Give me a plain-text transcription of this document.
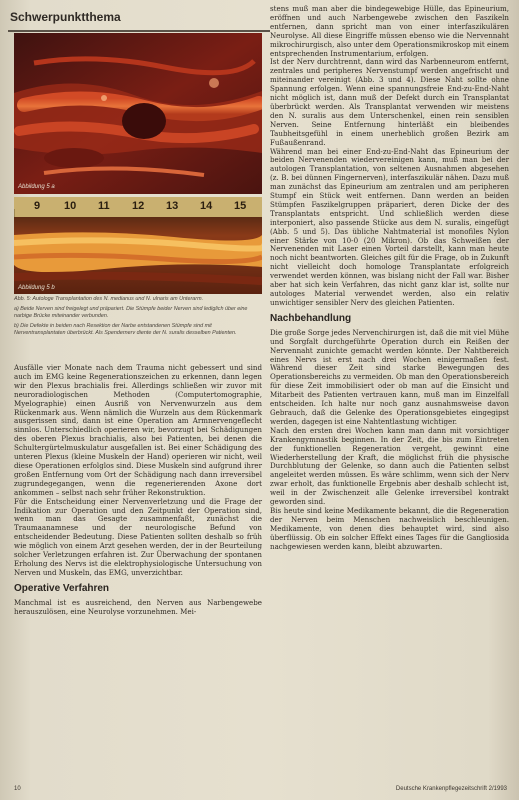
Schwerpunktthema
Abbildung 5 a
9 10 11 12 13 14 15
Abbildung 5 b

Abb. 5: Autologe Transplantation des N. medianus und N. ulnaris am Unterarm.

a) Beide Nerven sind freigelegt und präpariert. Die Stümpfe beider Nerven sind lediglich über eine narbige Brücke miteinander verbunden.

b) Die Defekte in beiden nach Resektion der Narbe entstandenen Stümpfe sind mit Nerventransplantaten überbrückt. Als Spendernerv diente der N. suralis desselben Patienten.

Ausfälle vier Monate nach dem Trauma nicht gebessert und sind auch im EMG keine Regenerationszeichen zu erkennen, dann legen wir den Plexus brachialis frei. Allerdings schließen wir zuvor mit neuroradiologischen Methoden (Computertomographie, Myelographie) einen Ausriß von Nervenwurzeln aus dem Rückenmark aus. Wenn nämlich die Wurzeln aus dem Rückenmark ausgerissen sind, dann ist eine Operation am Armnervengeflecht sinnlos. Unterschiedlich operieren wir, bevorzugt bei Schädigungen des oberen Plexus brachialis, also bei Patienten, bei denen die Schultergürtelmuskulatur ausgefallen ist. Bei einer Schädigung des unteren Plexus (kleine Muskeln der Hand) operieren wir nicht, weil diese Operationen erfolglos sind. Diese Muskeln sind aufgrund ihrer großen Entfernung vom Ort der Schädigung nach dann irreversibel zugrundegegangen, wenn die regenerierenden Axone dort ankommen – selbst nach sehr früher Rekonstruktion.

Für die Entscheidung einer Nervenverletzung und die Frage der Indikation zur Operation und den Zeitpunkt der Operation sind, wenn man das Gesagte zusammenfaßt, zunächst die Traumaanamnese und der neurologische Befund von entscheidender Bedeutung. Diese Patienten sollten deshalb so früh wie möglich von einem Arzt gesehen werden, der in der Beurteilung solcher Verletzungen erfahren ist. Zur Überwachung der spontanen Erholung des Nervs ist die elektrophysiologische Untersuchung von Nerven und Muskeln, das EMG, unverzichtbar.

Operative Verfahren

Manchmal ist es ausreichend, den Nerven aus Narbengewebe herauszulösen, eine Neurolyse vorzunehmen. Mei-

stens muß man aber die bindegewebige Hülle, das Epineurium, eröffnen und auch Narbengewebe zwischen den Faszikeln entfernen, dann spricht man von einer interfaszikulären Neurolyse. All diese Eingriffe müssen ebenso wie die Nervennaht mikrochirurgisch, also unter dem Operationsmikroskop mit einem entsprechenden Instrumentarium, erfolgen.

Ist der Nerv durchtrennt, dann wird das Narbenneurom entfernt, zentrales und peripheres Nervenstumpf werden angefrischt und miteinander vereinigt (Abb. 3 und 4). Diese Naht sollte ohne Spannung erfolgen. Wenn eine spannungsfreie End-zu-End-Naht nicht möglich ist, dann muß der Defekt durch ein Transplantat überbrückt werden. Als Transplantat verwenden wir meistens den N. suralis aus dem Unterschenkel, einen rein sensiblen Nerven. Seine Entfernung hinterläßt ein bleibendes Taubheitsgefühl in einem unerheblich großen Bezirk am Fußaußenrand.

Während man bei einer End-zu-End-Naht das Epineurium der beiden Nervenenden wiedervereinigen kann, muß man bei der autologen Transplantation, von seltenen Ausnahmen abgesehen (z. B. bei dünnen Fingernerven), interfaszikulär nähen. Dazu muß man zunächst das Epineurium am zentralen und am peripheren Stumpf ein Stück weit entfernen. Dann werden an beiden Stümpfen Faszikelgruppen präpariert, deren Dicke der des Transplantats entspricht. Und schließlich werden diese interponiert, also passende Stücke aus dem N. suralis, eingefügt (Abb. 5 und 5). Das übliche Nahtmaterial ist monofiles Nylon einer Stärke von 10-0 (20 Mikron). Ob das Schweißen der Nervenenden mit Laser einen Vorteil darstellt, kann man heute noch nicht beantworten. Gleiches gilt für die Frage, ob in Zukunft nicht vielleicht doch homologe Transplantate erfolgreich verwendet werden können, was bislang nicht der Fall war. Bisher aber hat sich kein Verfahren, das nicht ganz klar ist, sollte nur autologes Material verwendet werden, also ein relativ unwichtiger sensibler Nerv des gleichen Patienten.

Nachbehandlung

Die große Sorge jedes Nervenchirurgen ist, daß die mit viel Mühe und Sorgfalt durchgeführte Operation durch ein Reißen der Nervennaht zunichte gemacht werden könnte. Der Nahtbereich eines Nervs ist erst nach drei Wochen einigermaßen fest. Während dieser Zeit sind starke Bewegungen des Operationsbereichs zu vermeiden. Ob man den Operationsbereich für diese Zeit immobilisiert oder ob man auf die Einsicht und Mitarbeit des Patienten vertrauen kann, muß man im Einzelfall entscheiden. Ich halte nur noch ganz ausnahmsweise davon Gebrauch, daß die Gelenke des Operationsgebietes eingegipst werden, dagegen ist eine Nahtentlastung wichtiger.

Nach den ersten drei Wochen kann man dann mit vorsichtiger Krankengymnastik beginnen. In der Zeit, die bis zum Eintreten der funktionellen Regeneration vergeht, gewinnt eine Wiederherstellung der Kraft, die möglichst früh die physische Durchblutung der Gelenke, so dann auch die Patienten selbst angeleitet werden müssen. Es wäre schlimm, wenn sich der Nerv zwar erholt, das funktionelle Ergebnis aber deshalb schlecht ist, weil in der Zwischenzeit alle Gelenke irreversibel kontrakt geworden sind.

Bis heute sind keine Medikamente bekannt, die die Regeneration der Nerven beim Menschen nachweislich beschleunigen. Medikamente, von denen dies behauptet wird, sind also überflüssig. Ob ein solcher Effekt eines Tages für die Gangliosida nachgewiesen werden kann, bleibt abzuwarten.

10	Deutsche Krankenpflegezeitschrift 2/1993
